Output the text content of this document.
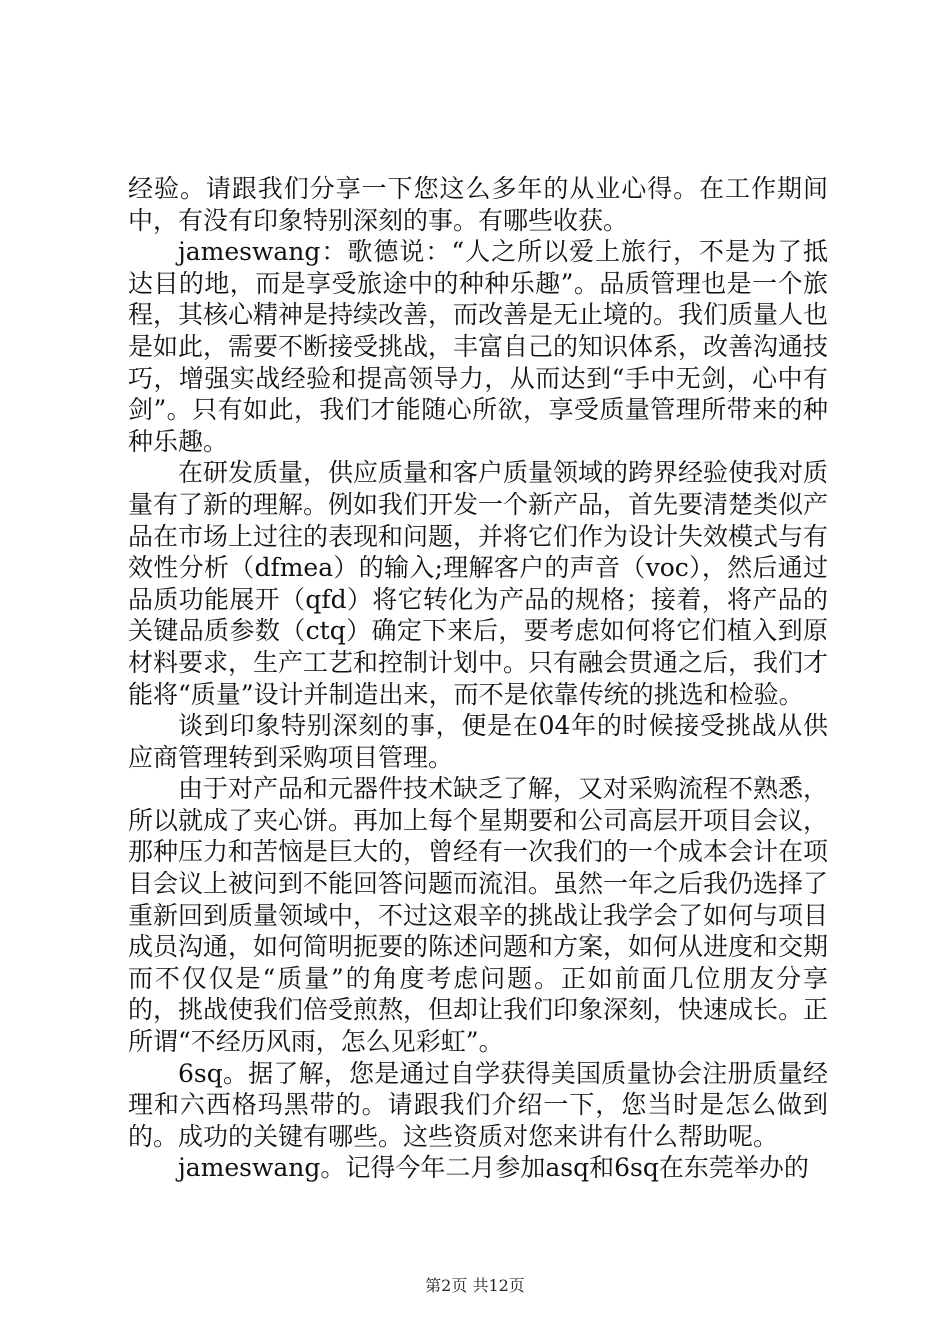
经验。请跟我们分享一下您这么多年的从业心得。在工作期间中，有没有印象特别深刻的事。有哪些收获。

jameswang：歌德说：“人之所以爱上旅行，不是为了抵达目的地，而是享受旅途中的种种乐趣”。品质管理也是一个旅程，其核心精神是持续改善，而改善是无止境的。我们质量人也是如此，需要不断接受挑战，丰富自己的知识体系，改善沟通技巧，增强实战经验和提高领导力，从而达到“手中无剑，心中有剑”。只有如此，我们才能随心所欲，享受质量管理所带来的种种乐趣。

在研发质量，供应质量和客户质量领域的跨界经验使我对质量有了新的理解。例如我们开发一个新产品，首先要清楚类似产品在市场上过往的表现和问题，并将它们作为设计失效模式与有效性分析（dfmea）的输入;理解客户的声音（voc），然后通过品质功能展开（qfd）将它转化为产品的规格；接着，将产品的关键品质参数（ctq）确定下来后，要考虑如何将它们植入到原材料要求，生产工艺和控制计划中。只有融会贯通之后，我们才能将“质量”设计并制造出来，而不是依靠传统的挑选和检验。

谈到印象特别深刻的事，便是在04年的时候接受挑战从供应商管理转到采购项目管理。

由于对产品和元器件技术缺乏了解，又对采购流程不熟悉，所以就成了夹心饼。再加上每个星期要和公司高层开项目会议，那种压力和苦恼是巨大的，曾经有一次我们的一个成本会计在项目会议上被问到不能回答问题而流泪。虽然一年之后我仍选择了重新回到质量领域中，不过这艰辛的挑战让我学会了如何与项目成员沟通，如何简明扼要的陈述问题和方案，如何从进度和交期而不仅仅是“质量”的角度考虑问题。正如前面几位朋友分享的，挑战使我们倍受煎熬，但却让我们印象深刻，快速成长。正所谓“不经历风雨，怎么见彩虹”。

6sq。据了解，您是通过自学获得美国质量协会注册质量经理和六西格玛黑带的。请跟我们介绍一下，您当时是怎么做到的。成功的关键有哪些。这些资质对您来讲有什么帮助呢。

jameswang。记得今年二月参加asq和6sq在东莞举办的

第2页 共12页
